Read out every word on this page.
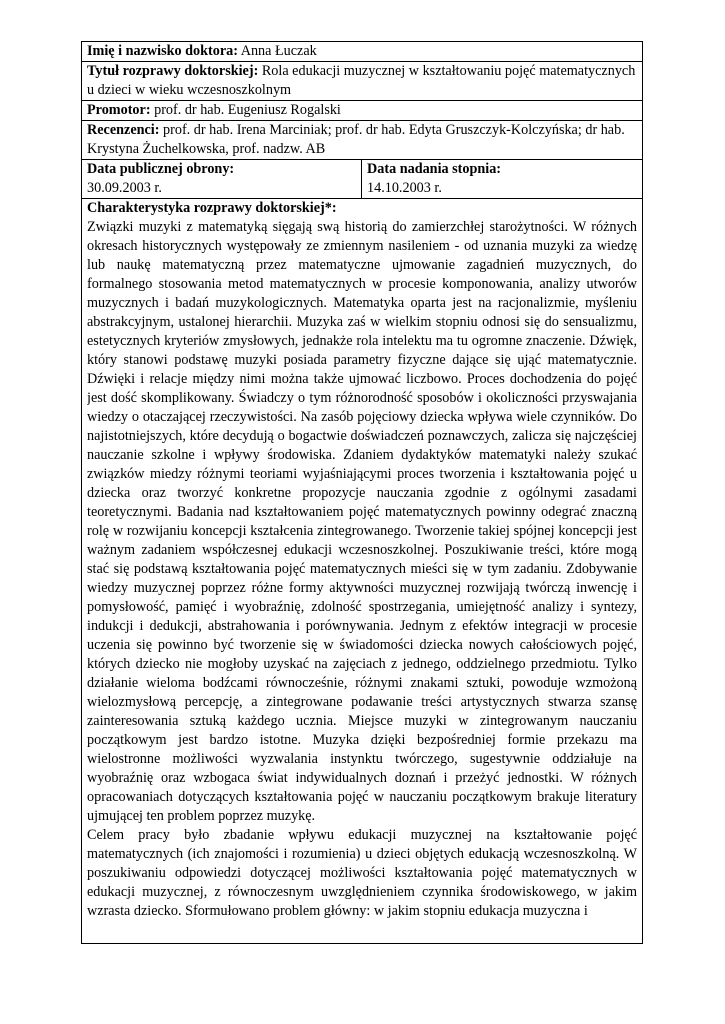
Imię i nazwisko doktora: Anna Łuczak
Tytuł rozprawy doktorskiej: Rola edukacji muzycznej w kształtowaniu pojęć matematycznych u dzieci w wieku wczesnoszkolnym
Promotor: prof. dr hab. Eugeniusz Rogalski
Recenzenci: prof. dr hab. Irena Marciniak; prof. dr hab. Edyta Gruszczyk-Kolczyńska; dr hab. Krystyna Żuchelkowska, prof. nadzw. AB

Data publicznej obrony:
30.09.2003 r.

Data nadania stopnia:
14.10.2003 r.

Charakterystyka rozprawy doktorskiej*:

Związki muzyki z matematyką sięgają swą historią do zamierzchłej starożytności. W różnych okresach historycznych występowały ze zmiennym nasileniem - od uznania muzyki za wiedzę lub naukę matematyczną przez matematyczne ujmowanie zagadnień muzycznych, do formalnego stosowania metod matematycznych w procesie komponowania, analizy utworów muzycznych i badań muzykologicznych. Matematyka oparta jest na racjonalizmie, myśleniu abstrakcyjnym, ustalonej hierarchii. Muzyka zaś w wielkim stopniu odnosi się do sensualizmu, estetycznych kryteriów zmysłowych, jednakże rola intelektu ma tu ogromne znaczenie. Dźwięk, który stanowi podstawę muzyki posiada parametry fizyczne dające się ująć matematycznie. Dźwięki i relacje między nimi można także ujmować liczbowo. Proces dochodzenia do pojęć jest dość skomplikowany. Świadczy o tym różnorodność sposobów i okoliczności przyswajania wiedzy o otaczającej rzeczywistości. Na zasób pojęciowy dziecka wpływa wiele czynników. Do najistotniejszych, które decydują o bogactwie doświadczeń poznawczych, zalicza się najczęściej nauczanie szkolne i wpływy środowiska. Zdaniem dydaktyków matematyki należy szukać związków miedzy różnymi teoriami wyjaśniającymi proces tworzenia i kształtowania pojęć u dziecka oraz tworzyć konkretne propozycje nauczania zgodnie z ogólnymi zasadami teoretycznymi. Badania nad kształtowaniem pojęć matematycznych powinny odegrać znaczną rolę w rozwijaniu koncepcji kształcenia zintegrowanego. Tworzenie takiej spójnej koncepcji jest ważnym zadaniem współczesnej edukacji wczesnoszkolnej. Poszukiwanie treści, które mogą stać się podstawą kształtowania pojęć matematycznych mieści się w tym zadaniu. Zdobywanie wiedzy muzycznej poprzez różne formy aktywności muzycznej rozwijają twórczą inwencję i pomysłowość, pamięć i wyobraźnię, zdolność spostrzegania, umiejętność analizy i syntezy, indukcji i dedukcji, abstrahowania i porównywania. Jednym z efektów integracji w procesie uczenia się powinno być tworzenie się w świadomości dziecka nowych całościowych pojęć, których dziecko nie mogłoby uzyskać na zajęciach z jednego, oddzielnego przedmiotu. Tylko działanie wieloma bodźcami równocześnie, różnymi znakami sztuki, powoduje wzmożoną wielozmysłową percepcję, a zintegrowane podawanie treści artystycznych stwarza szansę zainteresowania sztuką każdego ucznia. Miejsce muzyki w zintegrowanym nauczaniu początkowym jest bardzo istotne. Muzyka dzięki bezpośredniej formie przekazu ma wielostronne możliwości wyzwalania instynktu twórczego, sugestywnie oddziałuje na wyobraźnię oraz wzbogaca świat indywidualnych doznań i przeżyć jednostki. W różnych opracowaniach dotyczących kształtowania pojęć w nauczaniu początkowym brakuje literatury ujmującej ten problem poprzez muzykę.

Celem pracy było zbadanie wpływu edukacji muzycznej na kształtowanie pojęć matematycznych (ich znajomości i rozumienia) u dzieci objętych edukacją wczesnoszkolną. W poszukiwaniu odpowiedzi dotyczącej możliwości kształtowania pojęć matematycznych w edukacji muzycznej, z równoczesnym uwzględnieniem czynnika środowiskowego, w jakim wzrasta dziecko. Sformułowano problem główny: w jakim stopniu edukacja muzyczna i
